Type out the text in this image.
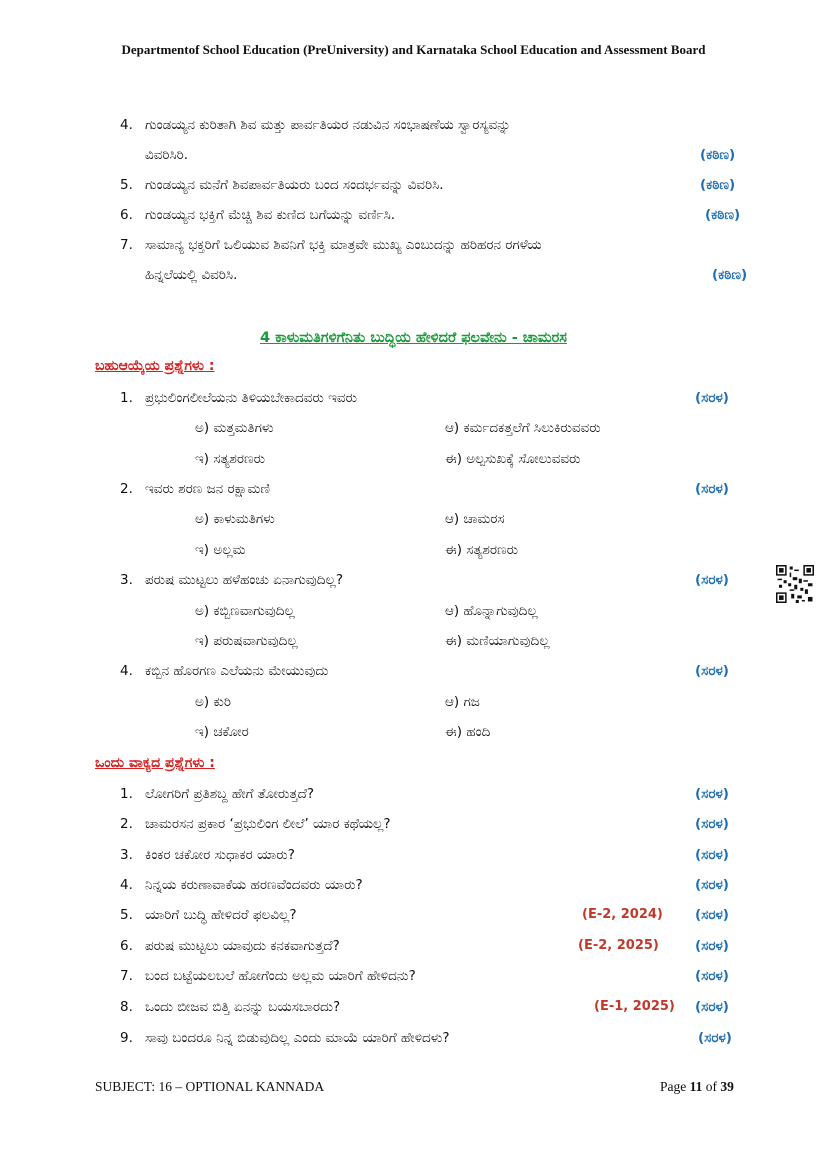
Departmentof School Education (PreUniversity) and Karnataka School Education and Assessment Board
4. ಗುಂಡಯ್ಯನ ಕುರಿತಾಗಿ ಶಿವ ಮತ್ತು ಪಾರ್ವತಿಯರ ನಡುವಿನ ಸಂಭಾಷಣೆಯ ಸ್ವಾರಸ್ಯವನ್ನು
ವಿವರಿಸಿರಿ.	(ಕಠಿಣ)
5. ಗುಂಡಯ್ಯನ ಮನೆಗೆ ಶಿವಪಾರ್ವತಿಯರು ಬಂದ ಸಂದರ್ಭವನ್ನು ವಿವರಿಸಿ.	(ಕಠಿಣ)
6. ಗುಂಡಯ್ಯನ ಭಕ್ತಿಗೆ ಮೆಚ್ಚಿ ಶಿವ ಕುಣಿದ ಬಗೆಯನ್ನು ವರ್ಣಿಸಿ.	(ಕಠಿಣ)
7. ಸಾಮಾನ್ಯ ಭಕ್ತರಿಗೆ ಒಲಿಯುವ ಶಿವನಿಗೆ ಭಕ್ತಿ ಮಾತ್ರವೇ ಮುಖ್ಯ ಎಂಬುದನ್ನು ಹರಿಹರನ ರಗಳೆಯ
ಹಿನ್ನಲೆಯಲ್ಲಿ ವಿವರಿಸಿ.	(ಕಠಿಣ)
4 ಕಾಳುಮತಿಗಳಿಗೆನಿತು ಬುದ್ಧಿಯ ಹೇಳಿದರೆ ಫಲವೇನು - ಚಾಮರಸ
ಬಹುಆಯ್ಕೆಯ ಪ್ರಶ್ನೆಗಳು :
1. ಪ್ರಭುಲಿಂಗಲೀಲೆಯನು ತಿಳಿಯಬೇಕಾದವರು ಇವರು	(ಸರಳ)
ಅ) ಮತ್ತಮತಿಗಳು	ಆ) ಕರ್ಮದಕತ್ತಲೆಗೆ ಸಿಲುಕಿರುವವರು
ಇ) ಸತ್ಯಶರಣರು	ಈ) ಅಲ್ಪಸುಖಕ್ಕೆ ಸೋಲುವವರು
2. ಇವರು ಶರಣ ಜನ ರಕ್ಷಾಮಣಿ	(ಸರಳ)
ಅ) ಕಾಳುಮತಿಗಳು	ಆ) ಚಾಮರಸ
ಇ) ಅಲ್ಲಮ	ಈ) ಸತ್ಯಶರಣರು
3. ಪರುಷ ಮುಟ್ಟಲು ಹಳೆಹಂಚು ಏನಾಗುವುದಿಲ್ಲ?	(ಸರಳ)
ಅ) ಕಬ್ಬಿಣವಾಗುವುದಿಲ್ಲ	ಆ) ಹೊನ್ನಾಗುವುದಿಲ್ಲ
ಇ) ಪರುಷವಾಗುವುದಿಲ್ಲ	ಈ) ಮಣಿಯಾಗುವುದಿಲ್ಲ
4. ಕಬ್ಬಿನ ಹೊರಗಣ ಎಲೆಯನು ಮೇಯುವುದು	(ಸರಳ)
ಅ) ಕುರಿ	ಆ) ಗಜ
ಇ) ಚಕೋರ	ಈ) ಹಂದಿ
ಒಂದು ವಾಕ್ಯದ ಪ್ರಶ್ನೆಗಳು :
1. ಲೋಗರಿಗೆ ಪ್ರತಿಶಬ್ದ ಹೇಗೆ ತೋರುತ್ತದೆ?	(ಸರಳ)
2. ಚಾಮರಸನ ಪ್ರಕಾರ ‘ಪ್ರಭುಲಿಂಗ ಲೀಲೆ’ ಯಾರ ಕಥೆಯಲ್ಲ?	(ಸರಳ)
3. ಕಿಂಕರ ಚಕೋರ ಸುಧಾಕರ ಯಾರು?	(ಸರಳ)
4. ನಿನ್ನಯ ಕರುಣಾವಾಕೆಯ ಹರಣವೆಂದವರು ಯಾರು?	(ಸರಳ)
5. ಯಾರಿಗೆ ಬುದ್ಧಿ ಹೇಳಿದರೆ ಫಲವಿಲ್ಲ?	(E-2, 2024) (ಸರಳ)
6. ಪರುಷ ಮುಟ್ಟಲು ಯಾವುದು ಕನಕವಾಗುತ್ತದೆ?	(E-2, 2025)	(ಸರಳ)
7. ಬಂದ ಬಟ್ಟೆಯಲಬಲೆ ಹೋಗೆಂದು ಅಲ್ಲಮ ಯಾರಿಗೆ ಹೇಳಿದನು?	(ಸರಳ)
8. ಒಂದು ಬೀಜವ ಬಿತ್ತಿ ಏನನ್ನು ಬಯಸಬಾರದು?	(E-1, 2025) (ಸರಳ)
9. ಸಾವು ಬಂದರೂ ನಿನ್ನ ಬಿಡುವುದಿಲ್ಲ ಎಂದು ಮಾಯೆ ಯಾರಿಗೆ ಹೇಳಿದಳು?	(ಸರಳ)
SUBJECT: 16 – OPTIONAL KANNADA	Page 11 of 39
